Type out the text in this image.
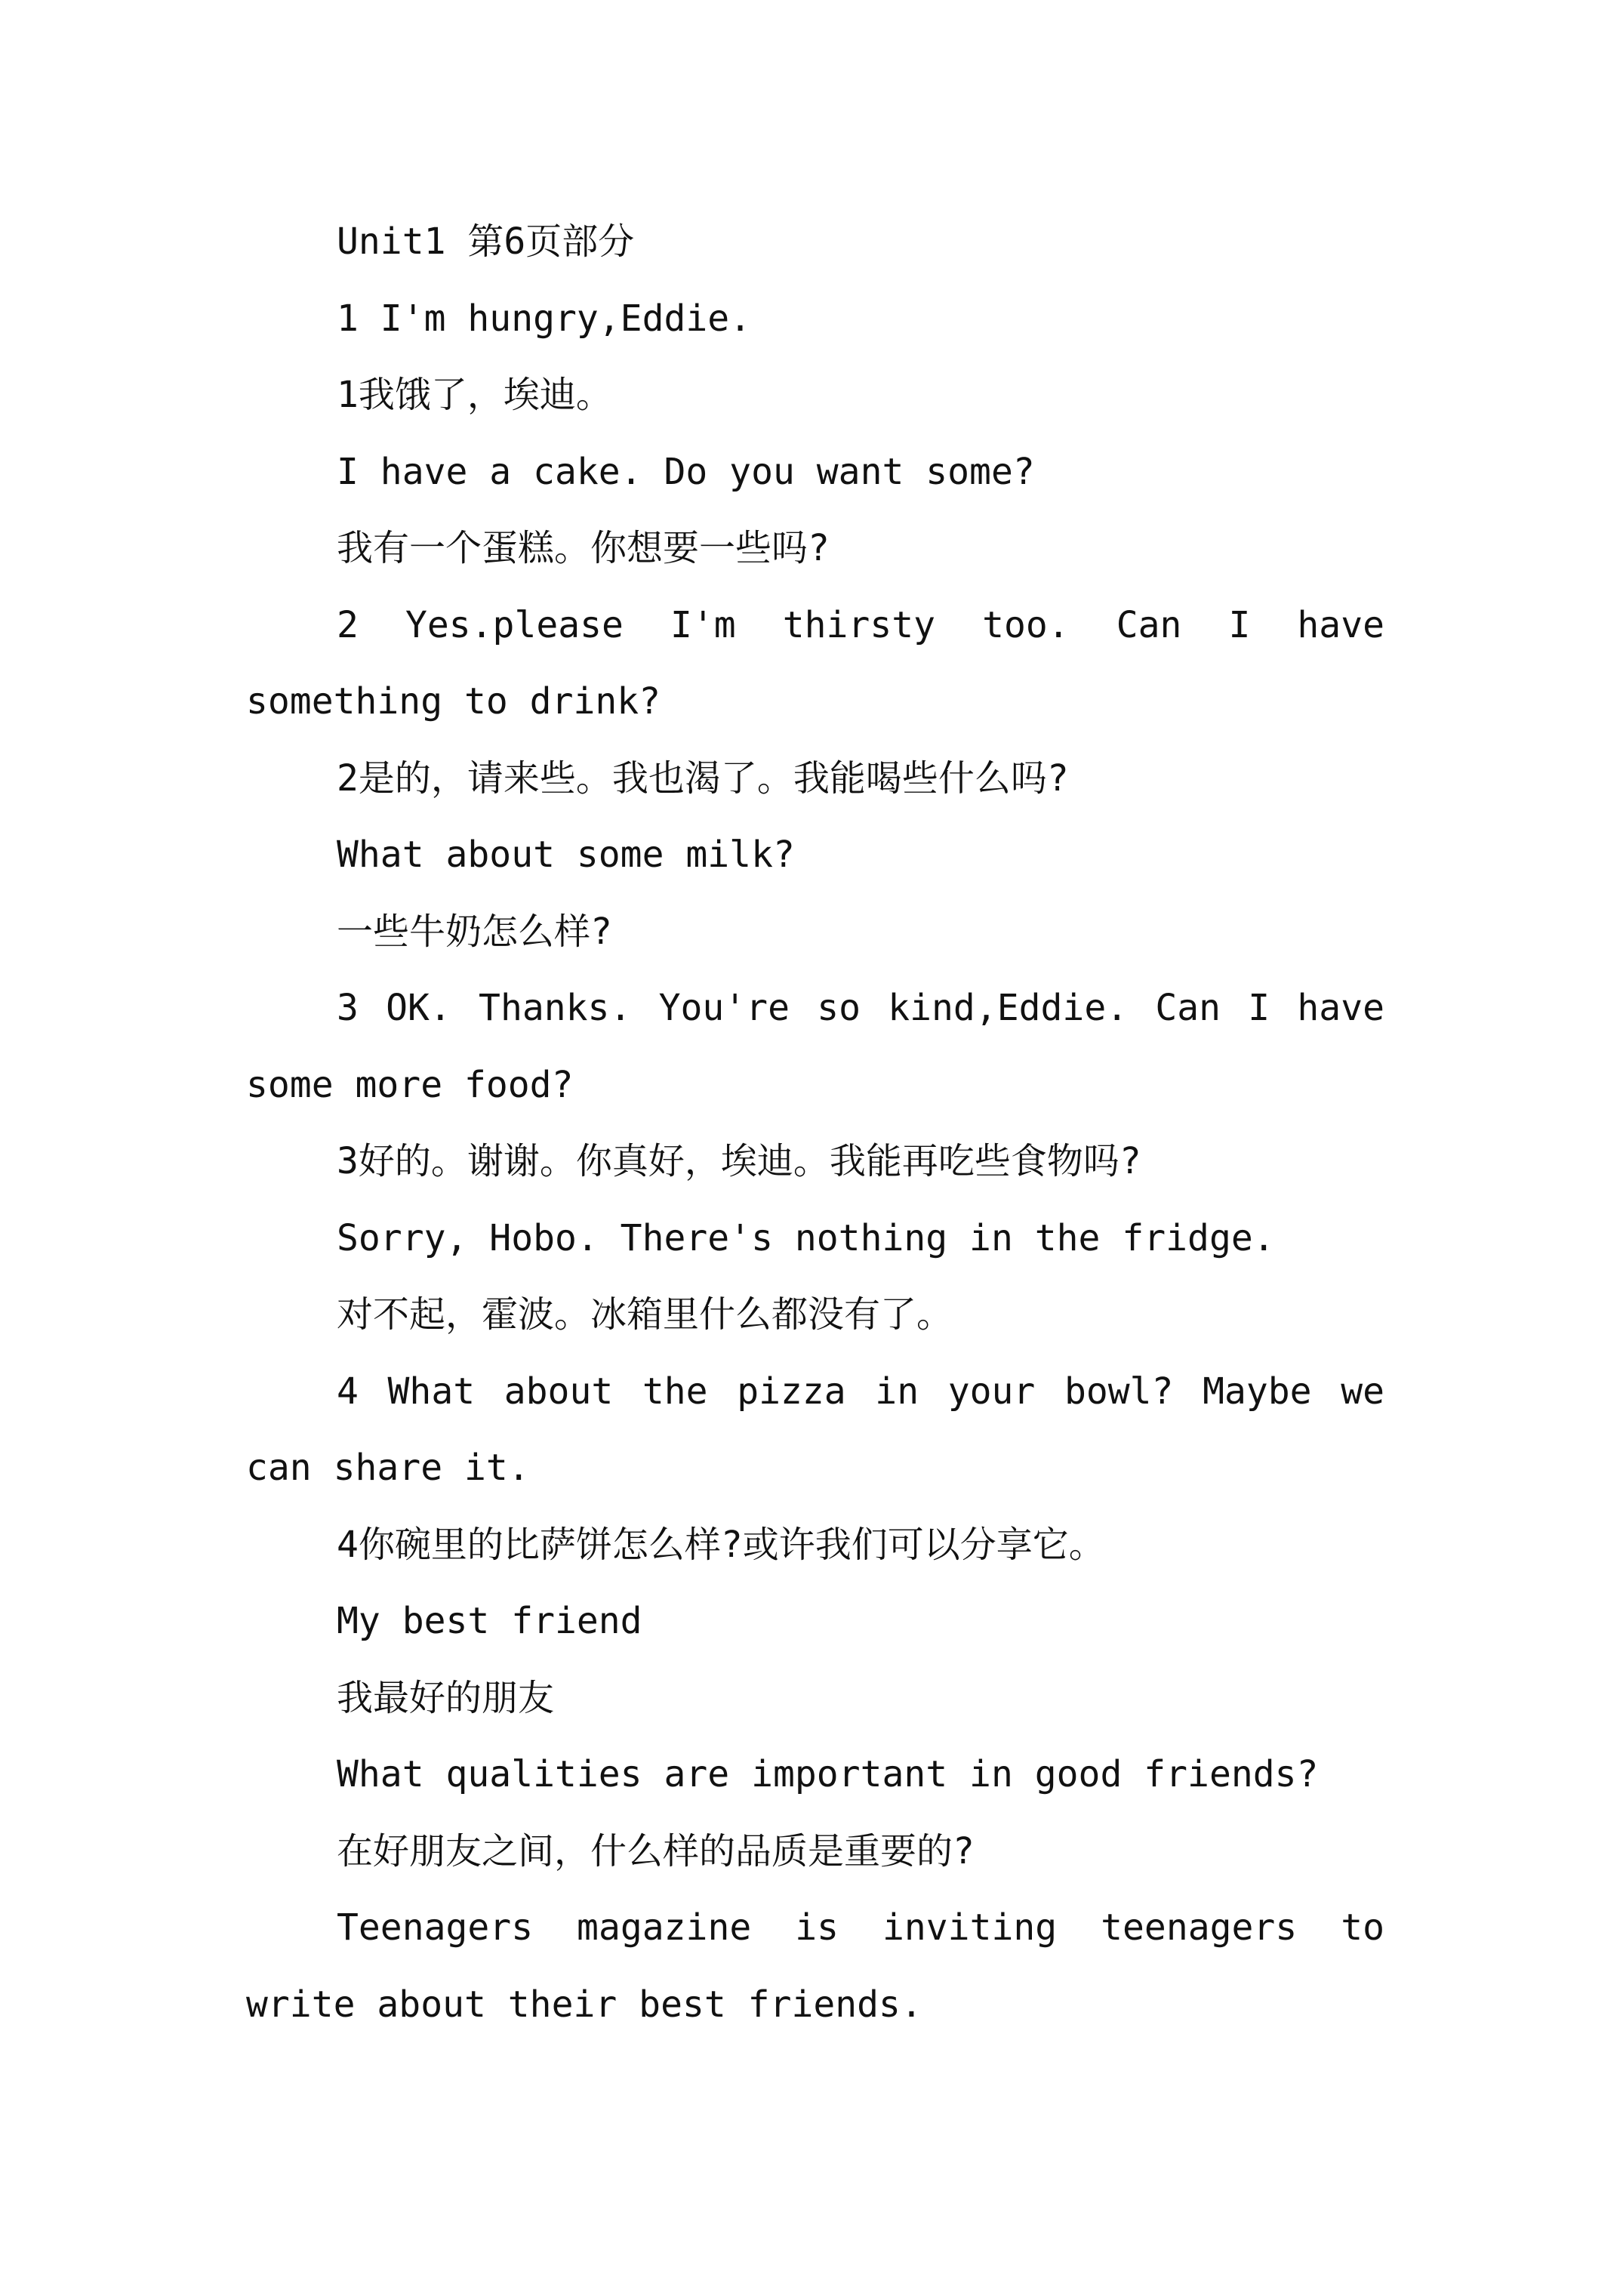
Unit1 第6页部分

1 I'm hungry,Eddie.

1我饿了，埃迪。

I have a cake. Do you want some?

我有一个蛋糕。你想要一些吗?

2 Yes.please I'm thirsty too. Can I have something to drink?

2是的，请来些。我也渴了。我能喝些什么吗?

What about some milk?

一些牛奶怎么样?

3 OK. Thanks. You're so kind,Eddie. Can I have some more food?

3好的。谢谢。你真好，埃迪。我能再吃些食物吗?

Sorry, Hobo. There's nothing in the fridge.

对不起，霍波。冰箱里什么都没有了。

4 What about the pizza in your bowl? Maybe we can share it.

4你碗里的比萨饼怎么样?或许我们可以分享它。

My best friend

我最好的朋友

What qualities are important in good friends?

在好朋友之间，什么样的品质是重要的?

Teenagers magazine is inviting teenagers to write about their best friends.
